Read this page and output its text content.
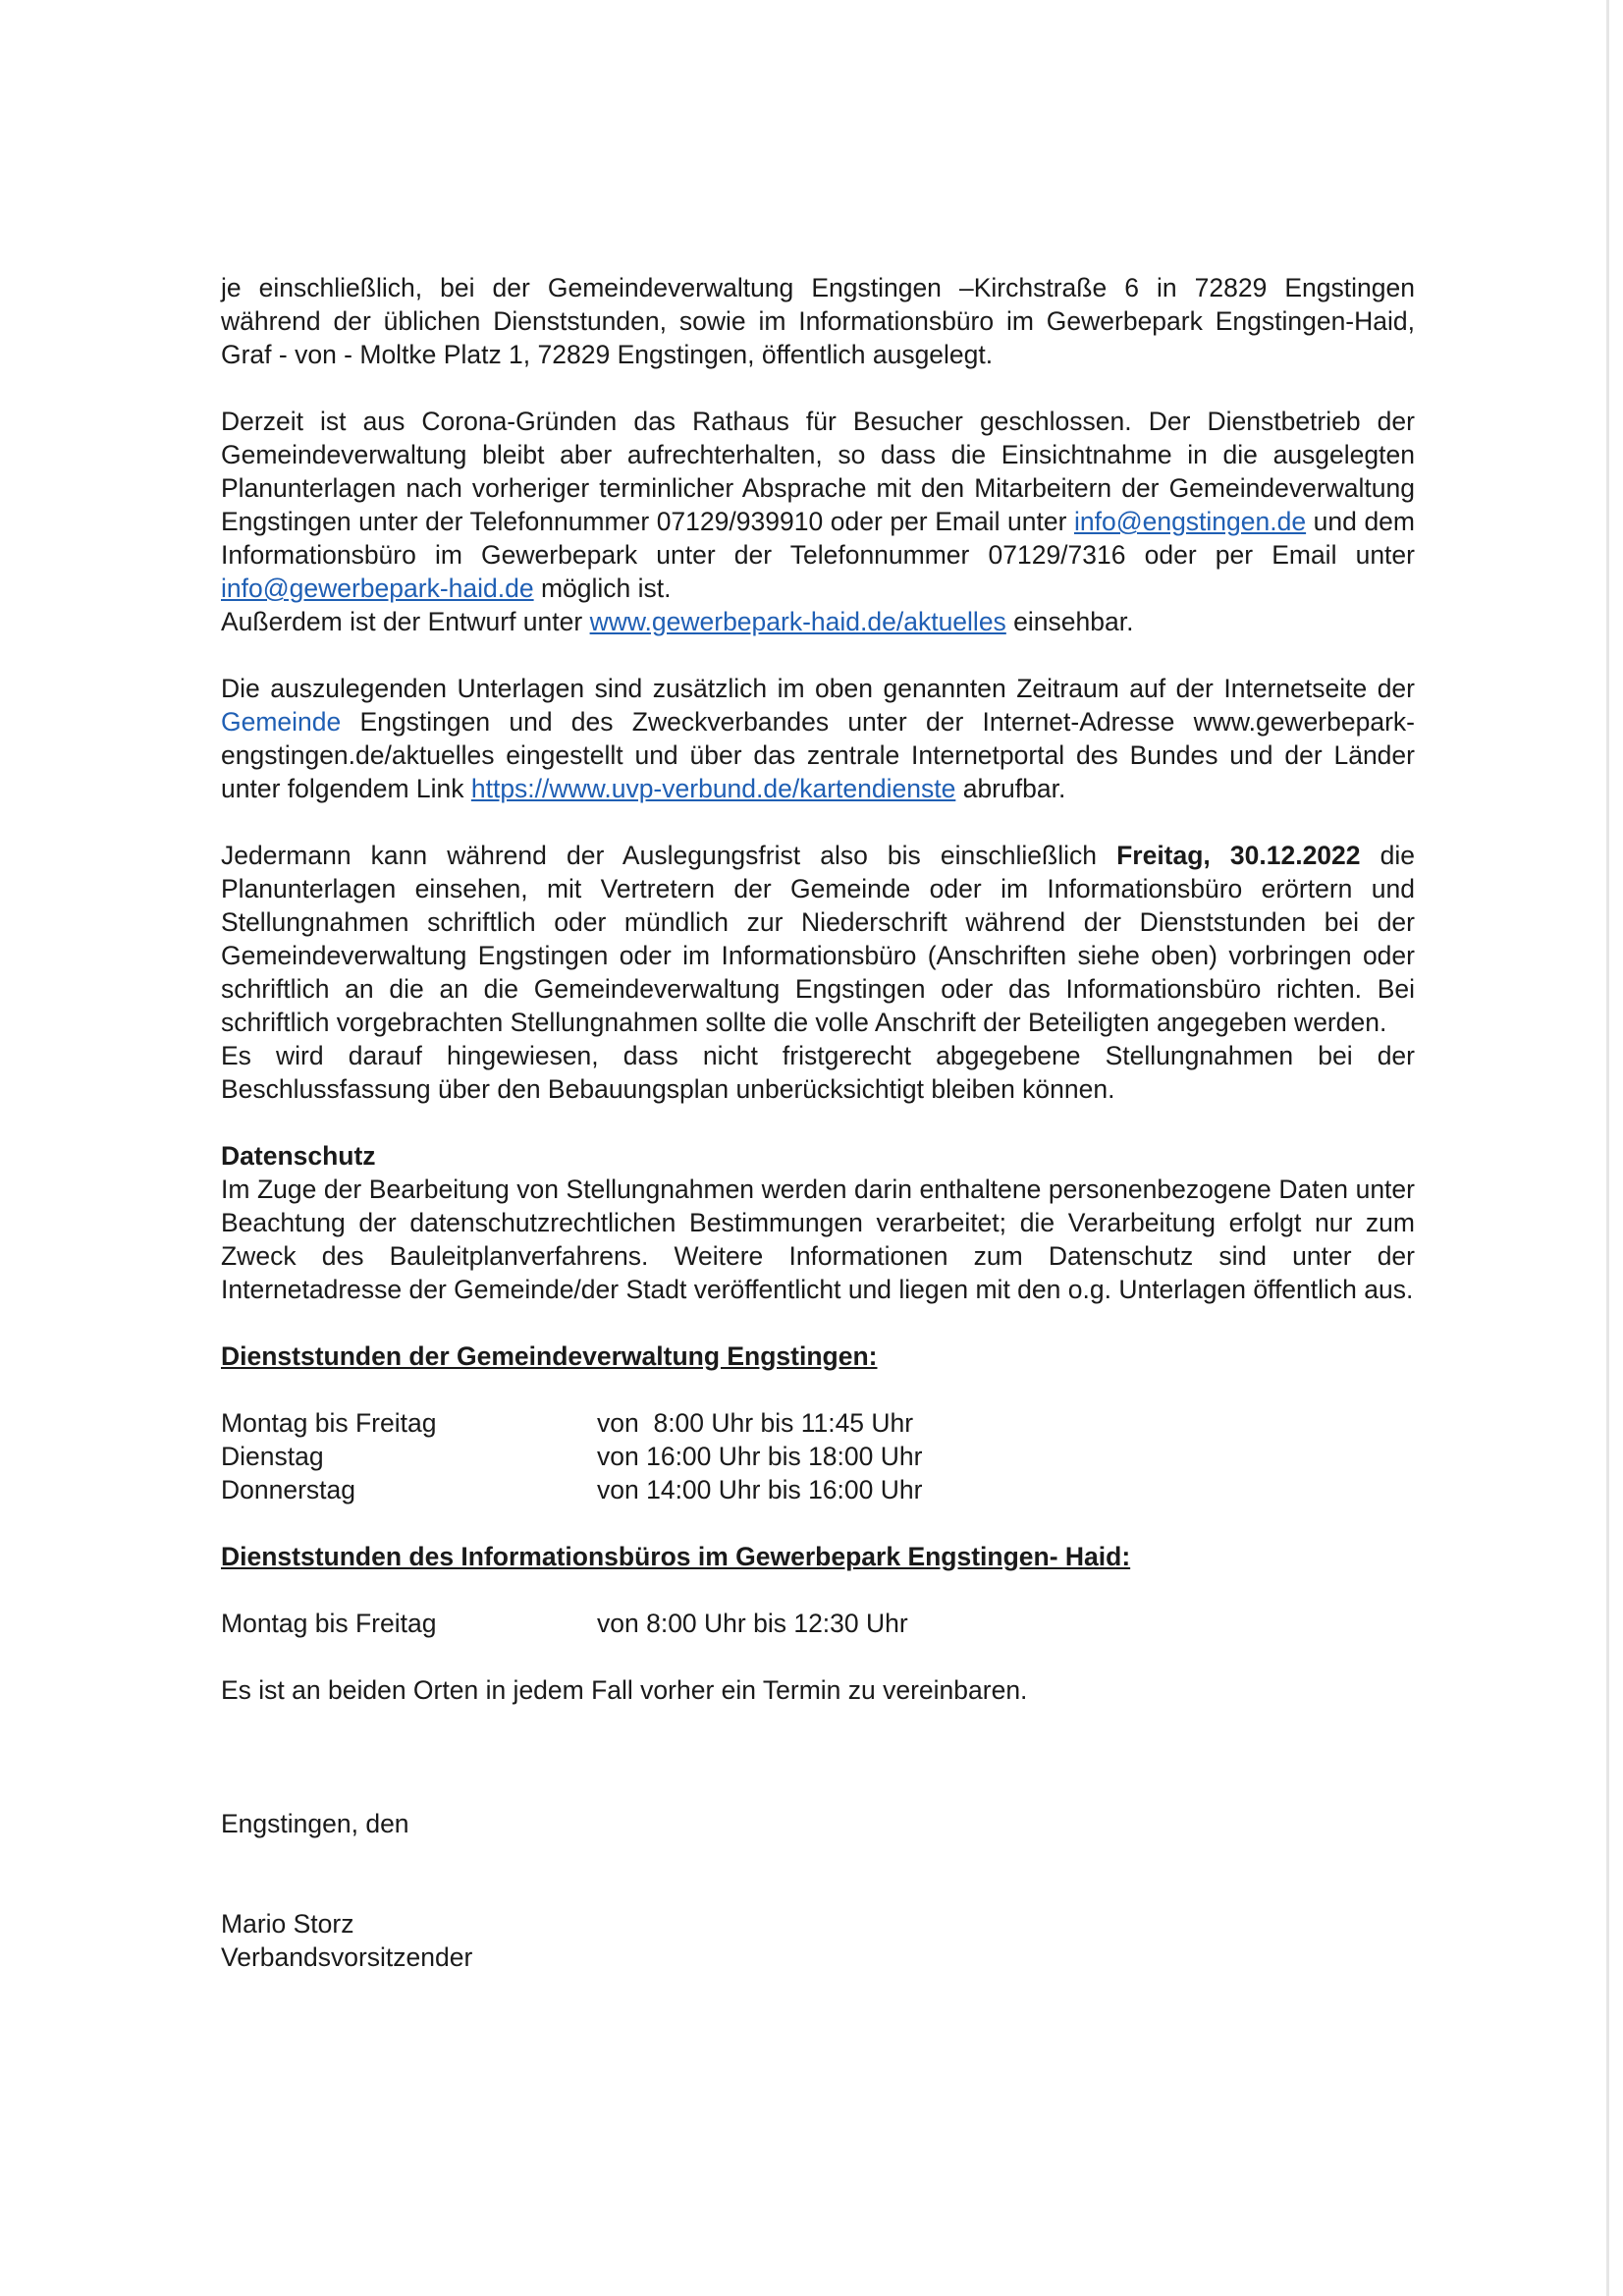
je einschließlich, bei der Gemeindeverwaltung Engstingen –Kirchstraße 6 in 72829 Engstingen während der üblichen Dienststunden, sowie im Informationsbüro im Gewerbepark Engstingen-Haid, Graf - von - Moltke Platz 1, 72829 Engstingen, öffentlich ausgelegt.

Derzeit ist aus Corona-Gründen das Rathaus für Besucher geschlossen. Der Dienstbetrieb der Gemeindeverwaltung bleibt aber aufrechterhalten, so dass die Einsichtnahme in die ausgelegten Planunterlagen nach vorheriger terminlicher Absprache mit den Mitarbeitern der Gemeindeverwaltung Engstingen unter der Telefonnummer 07129/939910 oder per Email unter info@engstingen.de und dem Informationsbüro im Gewerbepark unter der Telefonnummer 07129/7316 oder per Email unter info@gewerbepark-haid.de möglich ist.

Außerdem ist der Entwurf unter www.gewerbepark-haid.de/aktuelles einsehbar.

Die auszulegenden Unterlagen sind zusätzlich im oben genannten Zeitraum auf der Internetseite der Gemeinde Engstingen und des Zweckverbandes unter der Internet-Adresse www.gewerbepark-engstingen.de/aktuelles eingestellt und über das zentrale Internetportal des Bundes und der Länder unter folgendem Link https://www.uvp-verbund.de/kartendienste abrufbar.

Jedermann kann während der Auslegungsfrist also bis einschließlich Freitag, 30.12.2022 die Planunterlagen einsehen, mit Vertretern der Gemeinde oder im Informationsbüro erörtern und Stellungnahmen schriftlich oder mündlich zur Niederschrift während der Dienststunden bei der Gemeindeverwaltung Engstingen oder im Informationsbüro (Anschriften siehe oben) vorbringen oder schriftlich an die an die Gemeindeverwaltung Engstingen oder das Informationsbüro richten. Bei schriftlich vorgebrachten Stellungnahmen sollte die volle Anschrift der Beteiligten angegeben werden.

Es wird darauf hingewiesen, dass nicht fristgerecht abgegebene Stellungnahmen bei der Beschlussfassung über den Bebauungsplan unberücksichtigt bleiben können.

Datenschutz

Im Zuge der Bearbeitung von Stellungnahmen werden darin enthaltene personenbezogene Daten unter Beachtung der datenschutzrechtlichen Bestimmungen verarbeitet; die Verarbeitung erfolgt nur zum Zweck des Bauleitplanverfahrens. Weitere Informationen zum Datenschutz sind unter der Internetadresse der Gemeinde/der Stadt veröffentlicht und liegen mit den o.g. Unterlagen öffentlich aus.

Dienststunden der Gemeindeverwaltung Engstingen:

Montag bis Freitag	von  8:00 Uhr bis 11:45 Uhr
Dienstag	von 16:00 Uhr bis 18:00 Uhr
Donnerstag	von 14:00 Uhr bis 16:00 Uhr

Dienststunden des Informationsbüros im Gewerbepark Engstingen- Haid:

Montag bis Freitag	von 8:00 Uhr bis 12:30 Uhr

Es ist an beiden Orten in jedem Fall vorher ein Termin zu vereinbaren.

Engstingen, den

Mario Storz

Verbandsvorsitzender
